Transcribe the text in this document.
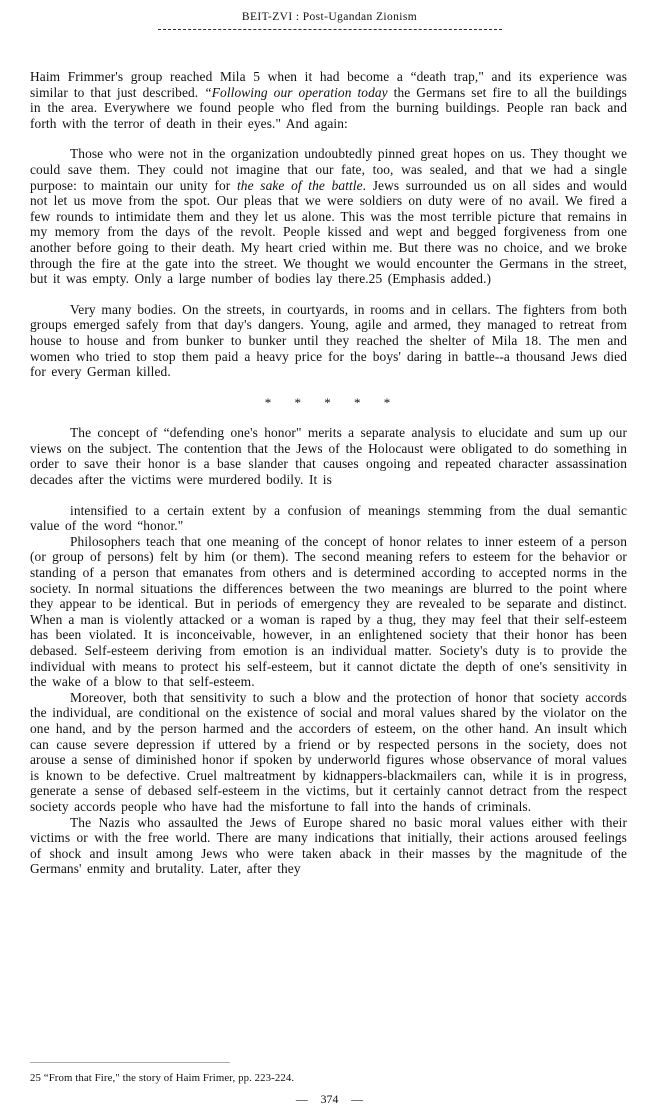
BEIT-ZVI : Post-Ugandan Zionism

Haim Frimmer's group reached Mila 5 when it had become a “death trap," and its experience was similar to that just described. “Following our operation today the Germans set fire to all the buildings in the area. Everywhere we found people who fled from the burning buildings. People ran back and forth with the terror of death in their eyes." And again:

Those who were not in the organization undoubtedly pinned great hopes on us. They thought we could save them. They could not imagine that our fate, too, was sealed, and that we had a single purpose: to maintain our unity for the sake of the battle. Jews surrounded us on all sides and would not let us move from the spot. Our pleas that we were soldiers on duty were of no avail. We fired a few rounds to intimidate them and they let us alone. This was the most terrible picture that remains in my memory from the days of the revolt. People kissed and wept and begged forgiveness from one another before going to their death. My heart cried within me. But there was no choice, and we broke through the fire at the gate into the street. We thought we would encounter the Germans in the street, but it was empty. Only a large number of bodies lay there.25 (Emphasis added.)

Very many bodies. On the streets, in courtyards, in rooms and in cellars. The fighters from both groups emerged safely from that day's dangers. Young, agile and armed, they managed to retreat from house to house and from bunker to bunker until they reached the shelter of Mila 18. The men and women who tried to stop them paid a heavy price for the boys' daring in battle--a thousand Jews died for every German killed.

* * * * *

The concept of “defending one's honor" merits a separate analysis to elucidate and sum up our views on the subject. The contention that the Jews of the Holocaust were obligated to do something in order to save their honor is a base slander that causes ongoing and repeated character assassination decades after the victims were murdered bodily. It is

intensified to a certain extent by a confusion of meanings stemming from the dual semantic value of the word “honor."

Philosophers teach that one meaning of the concept of honor relates to inner esteem of a person (or group of persons) felt by him (or them). The second meaning refers to esteem for the behavior or standing of a person that emanates from others and is determined according to accepted norms in the society. In normal situations the differences between the two meanings are blurred to the point where they appear to be identical. But in periods of emergency they are revealed to be separate and distinct. When a man is violently attacked or a woman is raped by a thug, they may feel that their self-esteem has been violated. It is inconceivable, however, in an enlightened society that their honor has been debased. Self-esteem deriving from emotion is an individual matter. Society's duty is to provide the individual with means to protect his self-esteem, but it cannot dictate the depth of one's sensitivity in the wake of a blow to that self-esteem.

Moreover, both that sensitivity to such a blow and the protection of honor that society accords the individual, are conditional on the existence of social and moral values shared by the violator on the one hand, and by the person harmed and the accorders of esteem, on the other hand. An insult which can cause severe depression if uttered by a friend or by respected persons in the society, does not arouse a sense of diminished honor if spoken by underworld figures whose observance of moral values is known to be defective. Cruel maltreatment by kidnappers-blackmailers can, while it is in progress, generate a sense of debased self-esteem in the victims, but it certainly cannot detract from the respect society accords people who have had the misfortune to fall into the hands of criminals.

The Nazis who assaulted the Jews of Europe shared no basic moral values either with their victims or with the free world. There are many indications that initially, their actions aroused feelings of shock and insult among Jews who were taken aback in their masses by the magnitude of the Germans' enmity and brutality. Later, after they

25 “From that Fire," the story of Haim Frimer, pp. 223-224.
— 374 —
